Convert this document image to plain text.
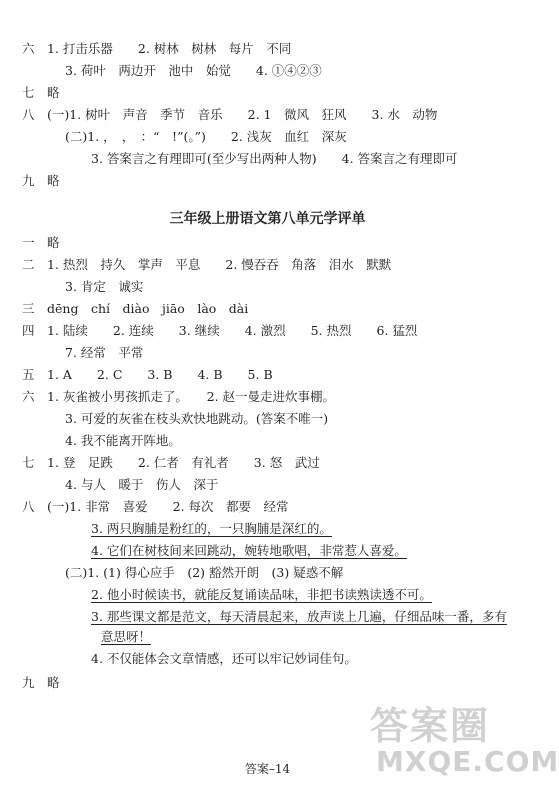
六　1. 打击乐器　　2. 树林　树林　每片　不同
3. 荷叶　两边开　池中　始觉　　4. ①④②③
七　略
八　(一)1. 树叶　声音　季节　音乐　　2. 1　微风　狂风　　3. 水　动物
(二)1. ，　，　：“　!”(。”)　　2. 浅灰　血红　深灰
3. 答案言之有理即可(至少写出两种人物)　　4. 答案言之有理即可
九　略
三年级上册语文第八单元学评单
一　略
二　1. 热烈　持久　掌声　平息　　2. 慢吞吞　角落　泪水　默默
3. 肯定　诚实
三　dēng　chí　diào　jiāo　lào　dài
四　1. 陆续　　2. 连续　　3. 继续　　4. 激烈　　5. 热烈　　6. 猛烈
7. 经常　平常
五　1. A　　2. C　　3. B　　4. B　　5. B
六　1. 灰雀被小男孩抓走了。　　2. 赵一曼走进炊事棚。
3. 可爱的灰雀在枝头欢快地跳动。(答案不唯一)
4. 我不能离开阵地。
七　1. 登　足跌　　2. 仁者　有礼者　　3. 怒　武过
4. 与人　暖于　伤人　深于
八　(一)1. 非常　喜爱　　2. 每次　都要　经常
3. 两只胸脯是粉红的，一只胸脯是深红的。
4. 它们在树枝间来回跳动，婉转地歌唱，非常惹人喜爱。
(二)1. (1) 得心应手　(2) 豁然开朗　(3) 疑惑不解
2. 他小时候读书，就能反复诵读品味，非把书读熟读透不可。
3. 那些课文都是范文，每天清晨起来，放声读上几遍，仔细品味一番，多有
意思呀！
4. 不仅能体会文章情感，还可以牢记妙词佳句。
九　略
答案–14
答案圈
MXQE.COM
